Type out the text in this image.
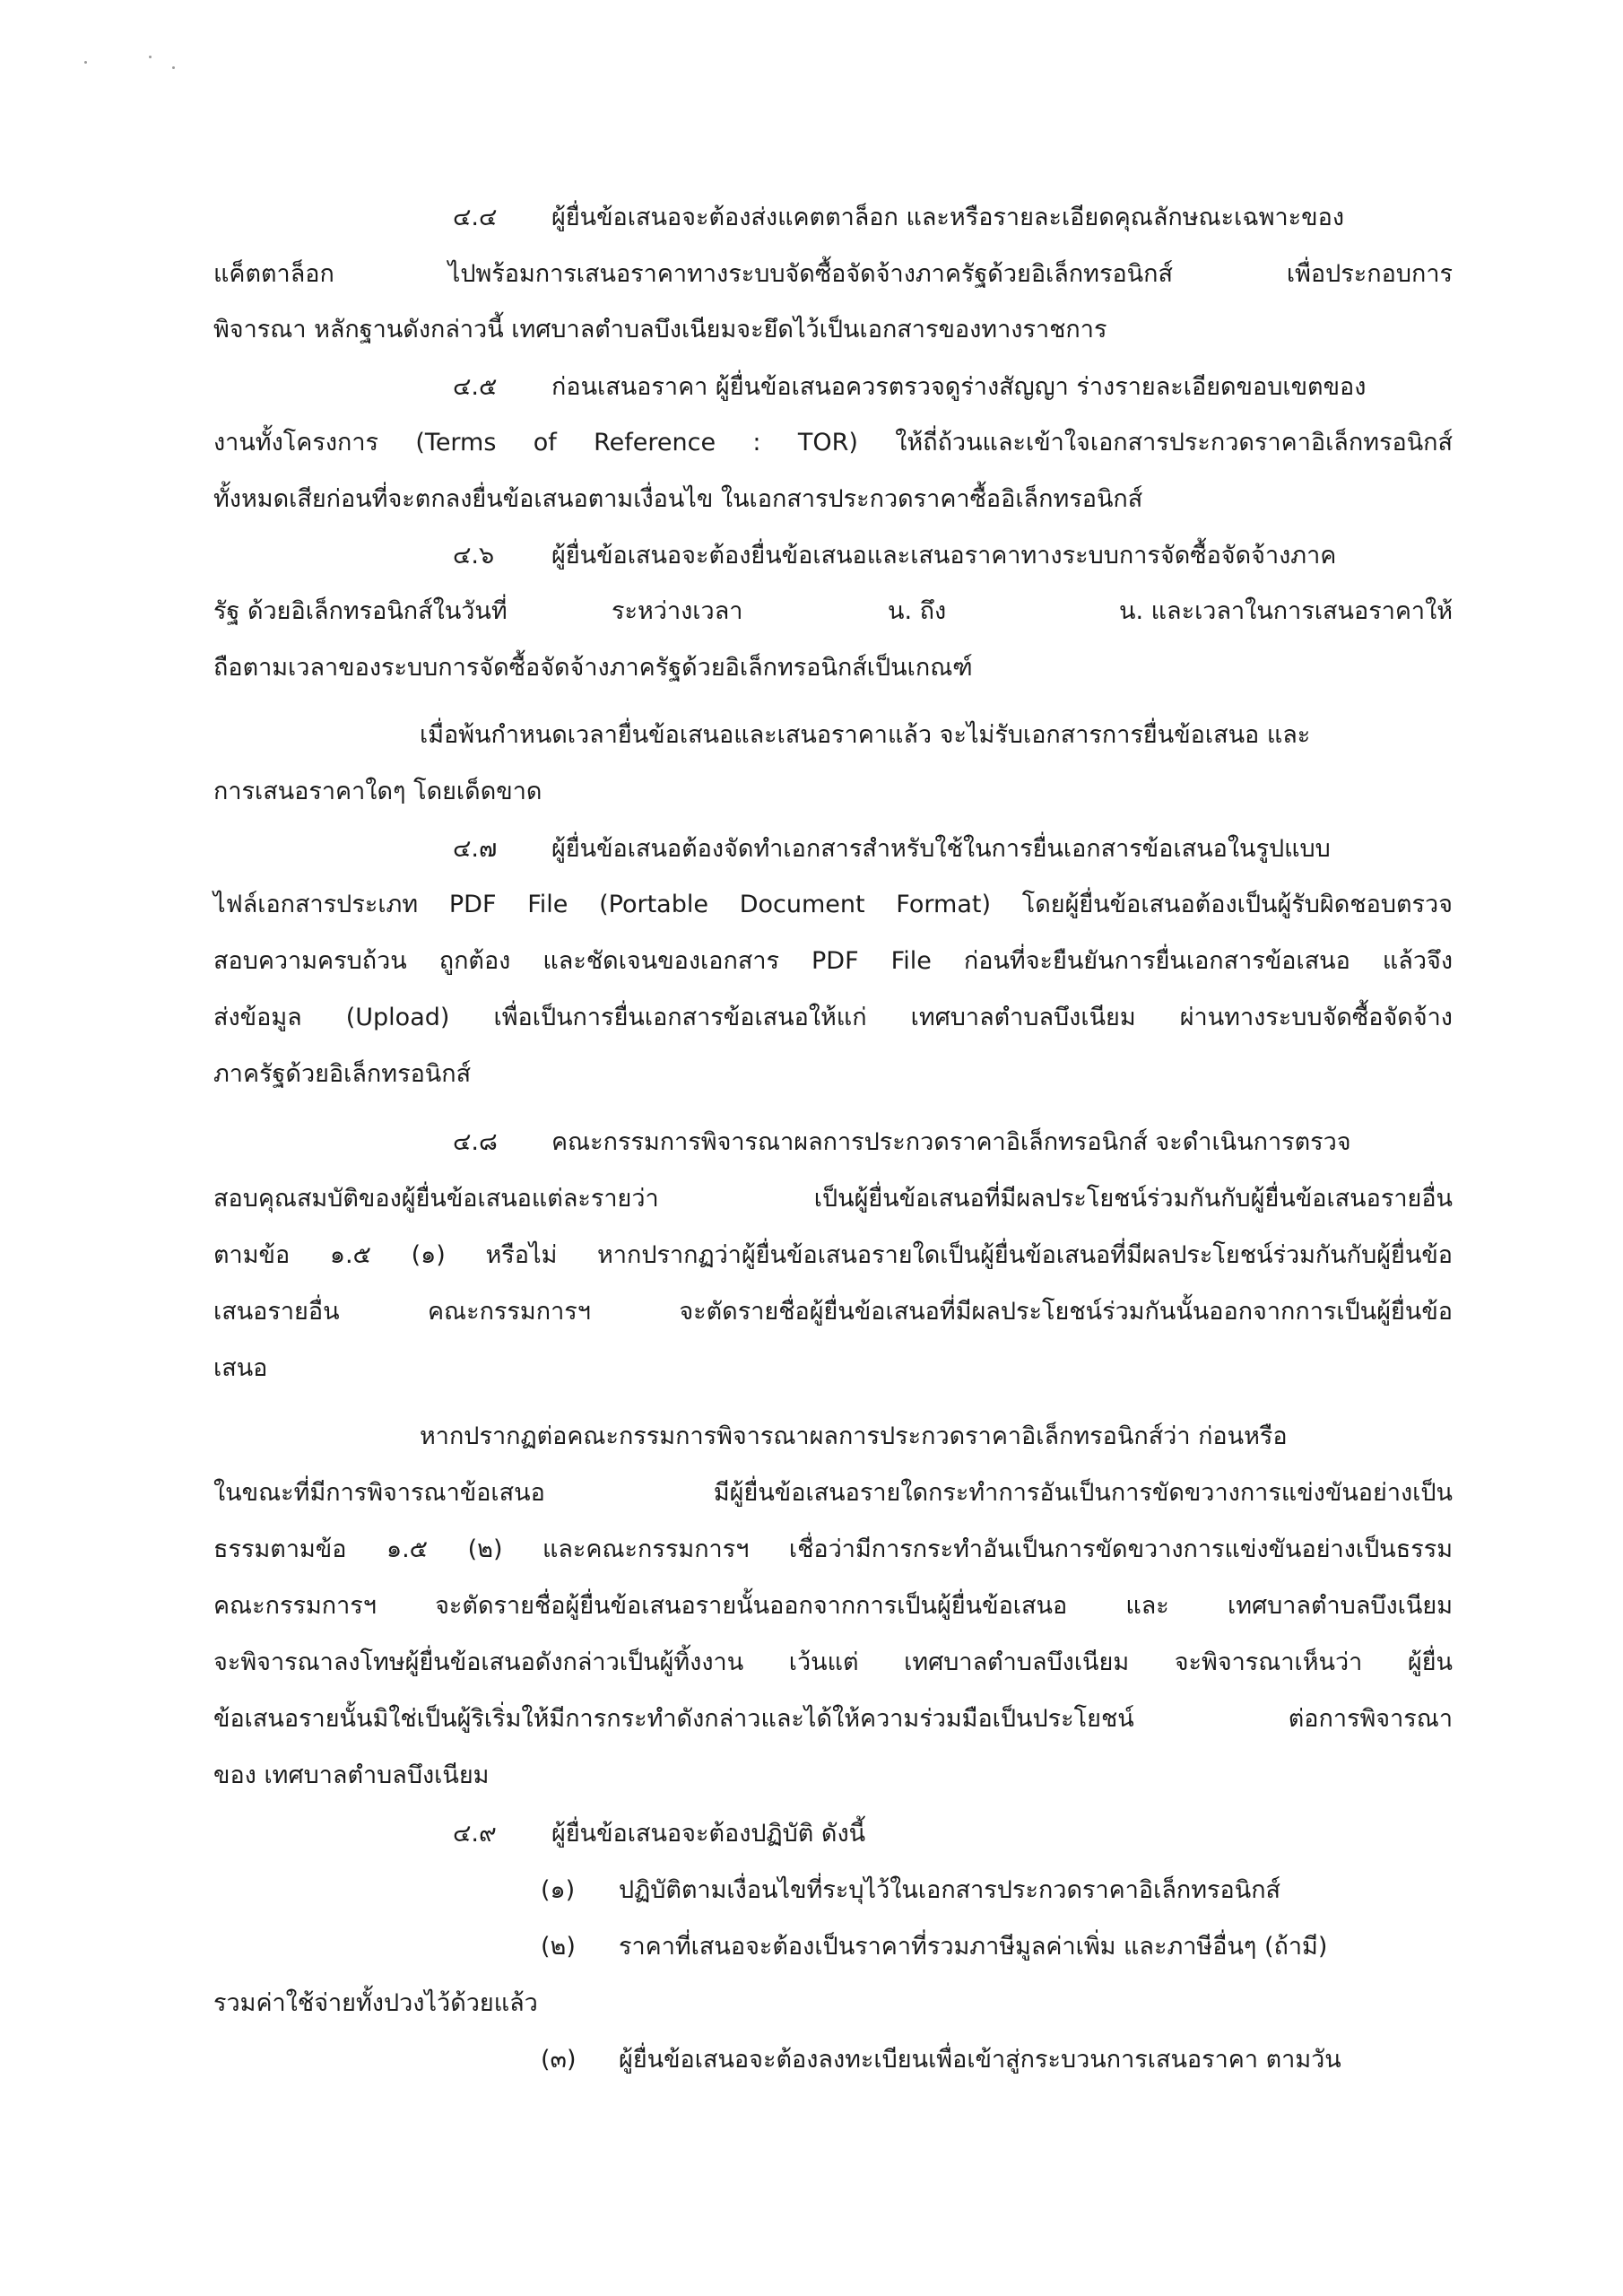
๔.๔ ผู้ยื่นข้อเสนอจะต้องส่งแคตตาล็อก และหรือรายละเอียดคุณลักษณะเฉพาะของ

แค็ตตาล็อก ไปพร้อมการเสนอราคาทางระบบจัดซื้อจัดจ้างภาครัฐด้วยอิเล็กทรอนิกส์ เพื่อประกอบการ

พิจารณา หลักฐานดังกล่าวนี้ เทศบาลตำบลบึงเนียมจะยึดไว้เป็นเอกสารของทางราชการ

๔.๕ ก่อนเสนอราคา ผู้ยื่นข้อเสนอควรตรวจดูร่างสัญญา ร่างรายละเอียดขอบเขตของ

งานทั้งโครงการ (Terms of Reference : TOR) ให้ถี่ถ้วนและเข้าใจเอกสารประกวดราคาอิเล็กทรอนิกส์

ทั้งหมดเสียก่อนที่จะตกลงยื่นข้อเสนอตามเงื่อนไข ในเอกสารประกวดราคาซื้ออิเล็กทรอนิกส์

๔.๖ ผู้ยื่นข้อเสนอจะต้องยื่นข้อเสนอและเสนอราคาทางระบบการจัดซื้อจัดจ้างภาค

รัฐ ด้วยอิเล็กทรอนิกส์ในวันที่	ระหว่างเวลา	น. ถึง	น. และเวลาในการเสนอราคาให้

ถือตามเวลาของระบบการจัดซื้อจัดจ้างภาครัฐด้วยอิเล็กทรอนิกส์เป็นเกณฑ์

เมื่อพ้นกำหนดเวลายื่นข้อเสนอและเสนอราคาแล้ว จะไม่รับเอกสารการยื่นข้อเสนอ และ

การเสนอราคาใดๆ โดยเด็ดขาด

๔.๗ ผู้ยื่นข้อเสนอต้องจัดทำเอกสารสำหรับใช้ในการยื่นเอกสารข้อเสนอในรูปแบบ

ไฟล์เอกสารประเภท PDF File (Portable Document Format) โดยผู้ยื่นข้อเสนอต้องเป็นผู้รับผิดชอบตรวจ

สอบความครบถ้วน ถูกต้อง และชัดเจนของเอกสาร PDF File ก่อนที่จะยืนยันการยื่นเอกสารข้อเสนอ แล้วจึง

ส่งข้อมูล (Upload) เพื่อเป็นการยื่นเอกสารข้อเสนอให้แก่ เทศบาลตำบลบึงเนียม ผ่านทางระบบจัดซื้อจัดจ้าง

ภาครัฐด้วยอิเล็กทรอนิกส์

๔.๘ คณะกรรมการพิจารณาผลการประกวดราคาอิเล็กทรอนิกส์ จะดำเนินการตรวจ

สอบคุณสมบัติของผู้ยื่นข้อเสนอแต่ละรายว่า เป็นผู้ยื่นข้อเสนอที่มีผลประโยชน์ร่วมกันกับผู้ยื่นข้อเสนอรายอื่น

ตามข้อ ๑.๕ (๑) หรือไม่ หากปรากฏว่าผู้ยื่นข้อเสนอรายใดเป็นผู้ยื่นข้อเสนอที่มีผลประโยชน์ร่วมกันกับผู้ยื่นข้อ

เสนอรายอื่น คณะกรรมการฯ จะตัดรายชื่อผู้ยื่นข้อเสนอที่มีผลประโยชน์ร่วมกันนั้นออกจากการเป็นผู้ยื่นข้อ

เสนอ

หากปรากฏต่อคณะกรรมการพิจารณาผลการประกวดราคาอิเล็กทรอนิกส์ว่า ก่อนหรือ

ในขณะที่มีการพิจารณาข้อเสนอ มีผู้ยื่นข้อเสนอรายใดกระทำการอันเป็นการขัดขวางการแข่งขันอย่างเป็น

ธรรมตามข้อ ๑.๕ (๒) และคณะกรรมการฯ เชื่อว่ามีการกระทำอันเป็นการขัดขวางการแข่งขันอย่างเป็นธรรม

คณะกรรมการฯ จะตัดรายชื่อผู้ยื่นข้อเสนอรายนั้นออกจากการเป็นผู้ยื่นข้อเสนอ และ เทศบาลตำบลบึงเนียม

จะพิจารณาลงโทษผู้ยื่นข้อเสนอดังกล่าวเป็นผู้ทิ้งงาน เว้นแต่ เทศบาลตำบลบึงเนียม จะพิจารณาเห็นว่า ผู้ยื่น

ข้อเสนอรายนั้นมิใช่เป็นผู้ริเริ่มให้มีการกระทำดังกล่าวและได้ให้ความร่วมมือเป็นประโยชน์ ต่อการพิจารณา

ของ เทศบาลตำบลบึงเนียม

๔.๙ ผู้ยื่นข้อเสนอจะต้องปฏิบัติ ดังนี้

(๑) ปฏิบัติตามเงื่อนไขที่ระบุไว้ในเอกสารประกวดราคาอิเล็กทรอนิกส์

(๒) ราคาที่เสนอจะต้องเป็นราคาที่รวมภาษีมูลค่าเพิ่ม และภาษีอื่นๆ (ถ้ามี)

รวมค่าใช้จ่ายทั้งปวงไว้ด้วยแล้ว

(๓) ผู้ยื่นข้อเสนอจะต้องลงทะเบียนเพื่อเข้าสู่กระบวนการเสนอราคา ตามวัน
